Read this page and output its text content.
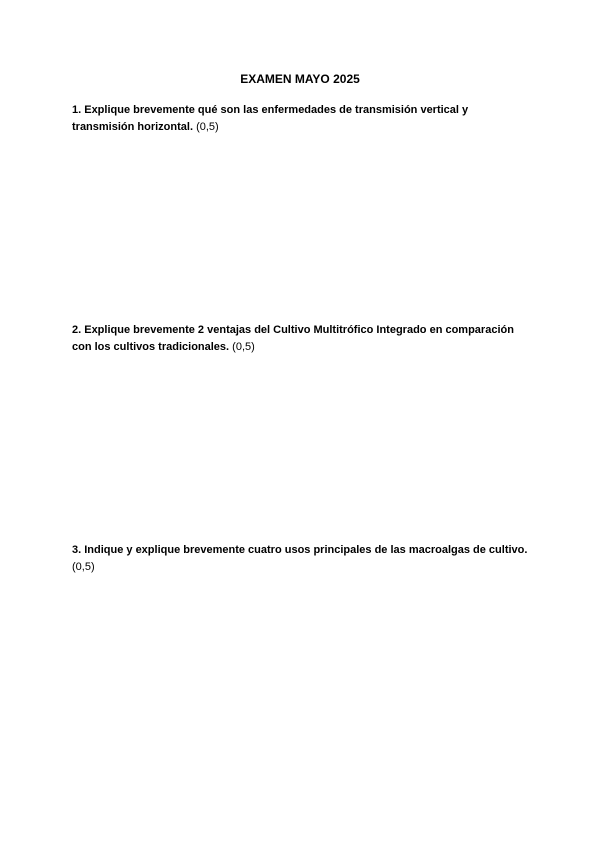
EXAMEN MAYO 2025
1. Explique brevemente qué son las enfermedades de transmisión vertical y transmisión horizontal. (0,5)
2. Explique brevemente 2 ventajas del Cultivo Multitrófico Integrado en comparación con los cultivos tradicionales. (0,5)
3. Indique y explique brevemente cuatro usos principales de las macroalgas de cultivo. (0,5)
